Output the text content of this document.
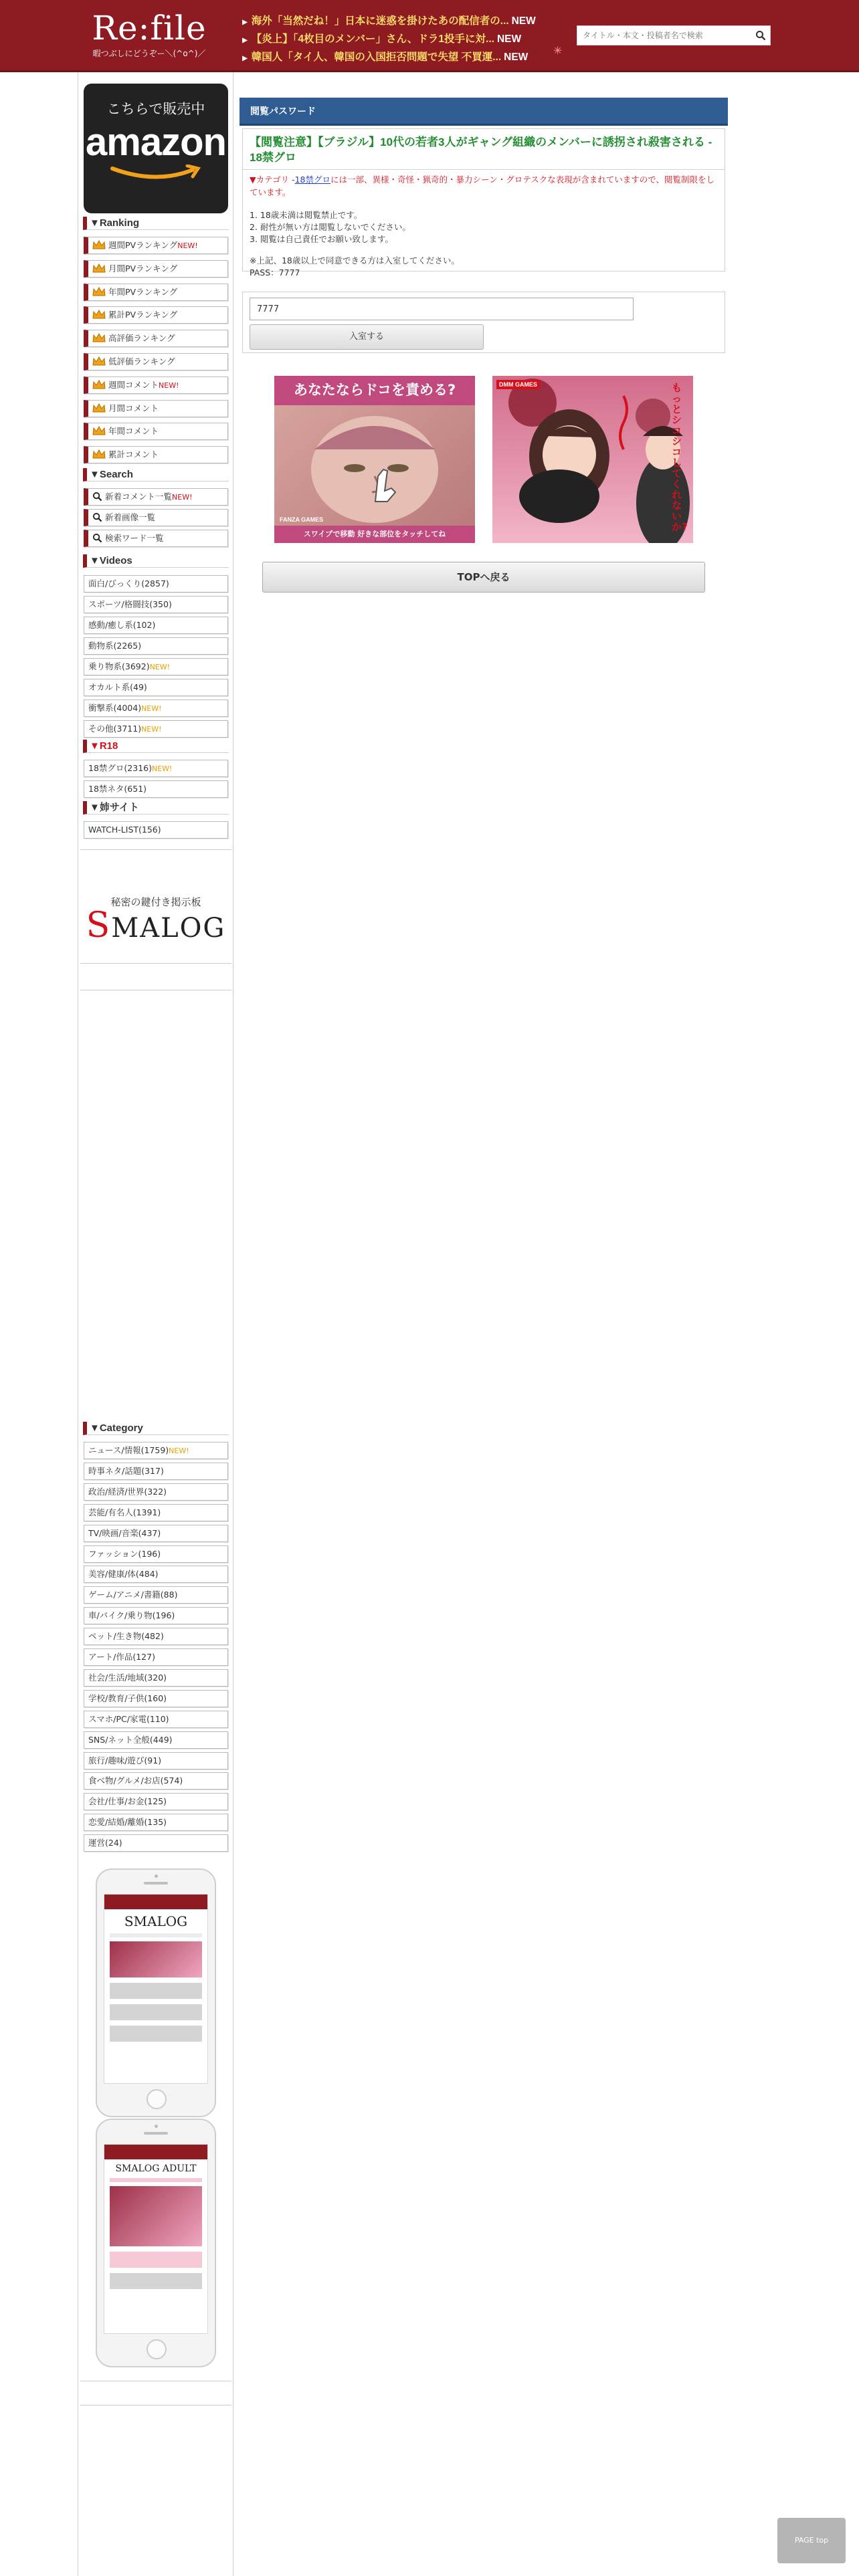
Re:file
暇つぶしにどうぞー＼(^o^)／
▶ 海外「当然だね！」日本に迷惑を掛けたあの配信者の... NEW
▶ 【炎上】「4枚目のメンバー」さん、ドラ1投手に対... NEW
▶ 韓国人「タイ人、韓国の入国拒否問題で失望 不買運... NEW
✳
タイトル・本文・投稿者名で検索
こちらで販売中
amazon
▼Ranking
週間PVランキングNEW!
月間PVランキング
年間PVランキング
累計PVランキング
高評価ランキング
低評価ランキング
週間コメントNEW!
月間コメント
年間コメント
累計コメント
▼Search
新着コメント一覧NEW!
新着画像一覧
検索ワード一覧
▼Videos
面白/びっくり(2857)
スポーツ/格闘技(350)
感動/癒し系(102)
動物系(2265)
乗り物系(3692)NEW!
オカルト系(49)
衝撃系(4004)NEW!
その他(3711)NEW!
▼R18
18禁グロ(2316)NEW!
18禁ネタ(651)
▼姉サイト
WATCH-LIST(156)
▼Category
ニュース/情報(1759)NEW!
時事ネタ/話題(317)
政治/経済/世界(322)
芸能/有名人(1391)
TV/映画/音楽(437)
ファッション(196)
美容/健康/体(484)
ゲーム/アニメ/書籍(88)
車/バイク/乗り物(196)
ペット/生き物(482)
アート/作品(127)
社会/生活/地域(320)
学校/教育/子供(160)
スマホ/PC/家電(110)
SNS/ネット全般(449)
旅行/趣味/遊び(91)
食べ物/グルメ/お店(574)
会社/仕事/お金(125)
恋愛/結婚/離婚(135)
運営(24)
秘密の鍵付き掲示板
SMALOG
SMALOG
SMALOG ADULT
閲覧パスワード
【閲覧注意】【ブラジル】10代の若者3人がギャング組織のメンバーに誘拐され殺害される - 18禁グロ
▼カテゴリ -18禁グロには一部、異様・奇怪・猟奇的・暴力シーン・グロテスクな表現が含まれていますので、閲覧制限をしています。
1. 18歳未満は閲覧禁止です。
2. 耐性が無い方は閲覧しないでください。
3. 閲覧は自己責任でお願い致します。
※上記、18歳以上で同意できる方は入室してください。
PASS：7777
7777
入室する
あなたならドコを責める?
FANZA GAMES
スワイプで移動 好きな部位をタッチしてね
DMM GAMES	もっとシコシコしてくれないか?
TOPへ戻る
PAGE top
